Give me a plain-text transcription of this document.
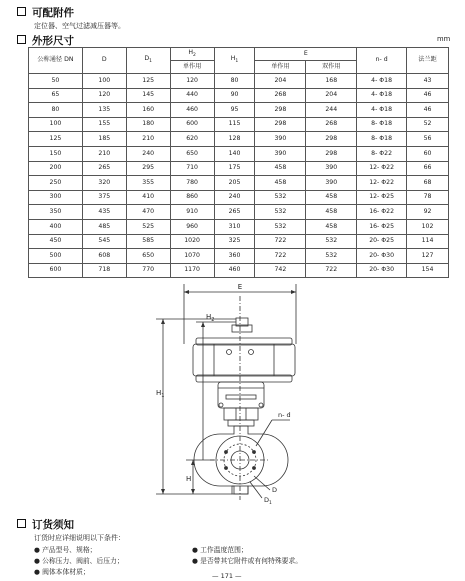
可配附件
定位器、空气过滤减压器等。
外形尺寸	mm
公称通径 DN	D	$D_1$	$H_2$	$H_1$	E		n- d	法兰距
			单作用		单作用	双作用		
50	100	125	120	80	204	168	4- Φ18	43
65	120	145	440	90	268	204	4- Φ18	46
80	135	160	460	95	298	244	4- Φ18	46
100	155	180	600	115	298	268	8- Φ18	52
125	185	210	620	128	390	298	8- Φ18	56
150	210	240	650	140	390	298	8- Φ22	60
200	265	295	710	175	458	390	12- Φ22	66
250	320	355	780	205	458	390	12- Φ22	68
300	375	410	860	240	532	458	12- Φ25	78
350	435	470	910	265	532	458	16- Φ22	92
400	485	525	960	310	532	458	16- Φ25	102
450	545	585	1020	325	722	532	20- Φ25	114
500	608	650	1070	360	722	532	20- Φ30	127
600	718	770	1170	460	742	722	20- Φ30	154
E
$H_1$
$H_2$
H
n- d
D
$D_1$
订货须知
订货时应详细说明以下条件：
● 产品型号、规格；
● 公称压力、阀前、后压力；
● 阀体本体材质；
● 工作温度范围；
● 是否带其它附件或有何特殊要求。
— 171 —
